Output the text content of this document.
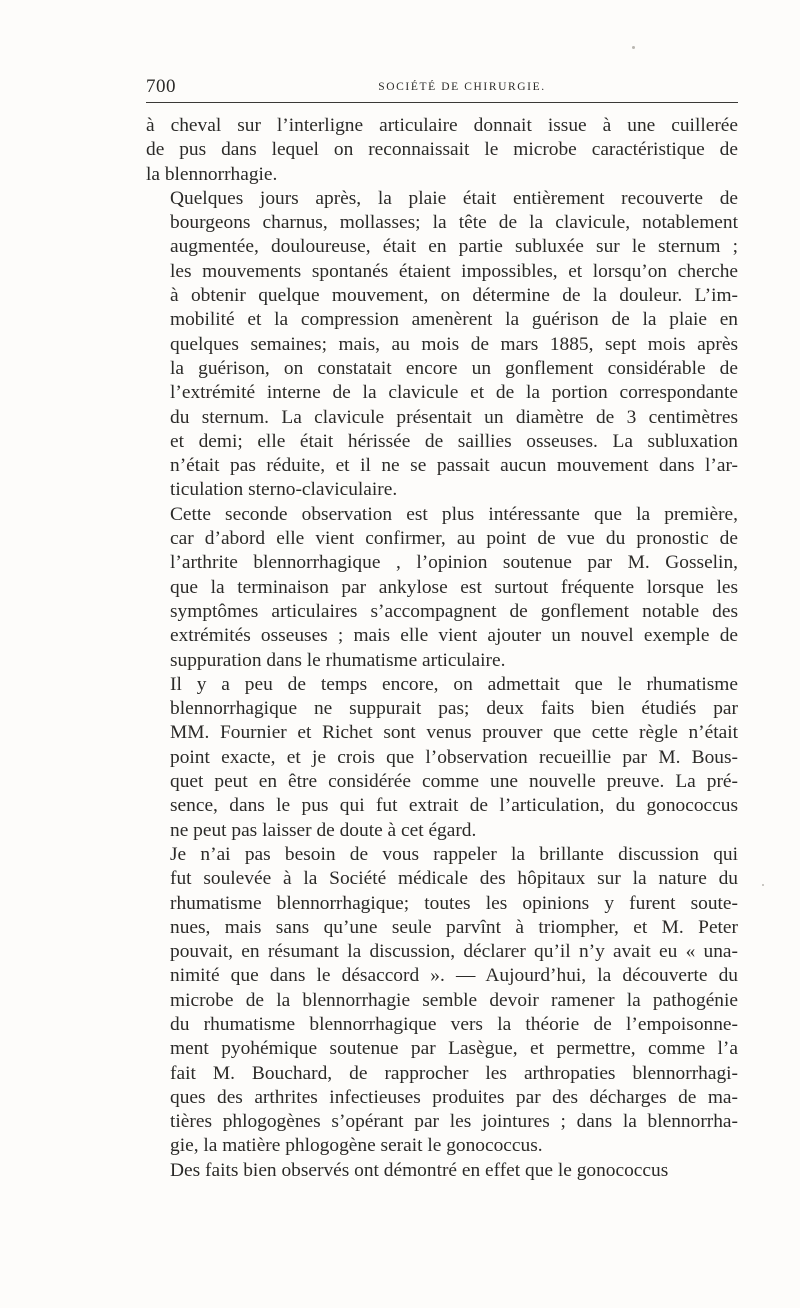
700	SOCIÉTÉ DE CHIRURGIE.

à cheval sur l’interligne articulaire donnait issue à une cuillerée
de pus dans lequel on reconnaissait le microbe caractéristique de
la blennorrhagie.

Quelques jours après, la plaie était entièrement recouverte de
bourgeons charnus, mollasses; la tête de la clavicule, notablement
augmentée, douloureuse, était en partie subluxée sur le sternum ;
les mouvements spontanés étaient impossibles, et lorsqu’on cherche
à obtenir quelque mouvement, on détermine de la douleur. L’im-
mobilité et la compression amenèrent la guérison de la plaie en
quelques semaines; mais, au mois de mars 1885, sept mois après
la guérison, on constatait encore un gonflement considérable de
l’extrémité interne de la clavicule et de la portion correspondante
du sternum. La clavicule présentait un diamètre de 3 centimètres
et demi; elle était hérissée de saillies osseuses. La subluxation
n’était pas réduite, et il ne se passait aucun mouvement dans l’ar-
ticulation sterno-claviculaire.

Cette seconde observation est plus intéressante que la première,
car d’abord elle vient confirmer, au point de vue du pronostic de
l’arthrite blennorrhagique , l’opinion soutenue par M. Gosselin,
que la terminaison par ankylose est surtout fréquente lorsque les
symptômes articulaires s’accompagnent de gonflement notable des
extrémités osseuses ; mais elle vient ajouter un nouvel exemple de
suppuration dans le rhumatisme articulaire.

Il y a peu de temps encore, on admettait que le rhumatisme
blennorrhagique ne suppurait pas; deux faits bien étudiés par
MM. Fournier et Richet sont venus prouver que cette règle n’était
point exacte, et je crois que l’observation recueillie par M. Bous-
quet peut en être considérée comme une nouvelle preuve. La pré-
sence, dans le pus qui fut extrait de l’articulation, du gonococcus
ne peut pas laisser de doute à cet égard.

Je n’ai pas besoin de vous rappeler la brillante discussion qui
fut soulevée à la Société médicale des hôpitaux sur la nature du
rhumatisme blennorrhagique; toutes les opinions y furent soute-
nues, mais sans qu’une seule parvînt à triompher, et M. Peter
pouvait, en résumant la discussion, déclarer qu’il n’y avait eu « una-
nimité que dans le désaccord ». — Aujourd’hui, la découverte du
microbe de la blennorrhagie semble devoir ramener la pathogénie
du rhumatisme blennorrhagique vers la théorie de l’empoisonne-
ment pyohémique soutenue par Lasègue, et permettre, comme l’a
fait M. Bouchard, de rapprocher les arthropaties blennorrhagi-
ques des arthrites infectieuses produites par des décharges de ma-
tières phlogogènes s’opérant par les jointures ; dans la blennorrha-
gie, la matière phlogogène serait le gonococcus.

Des faits bien observés ont démontré en effet que le gonococcus
